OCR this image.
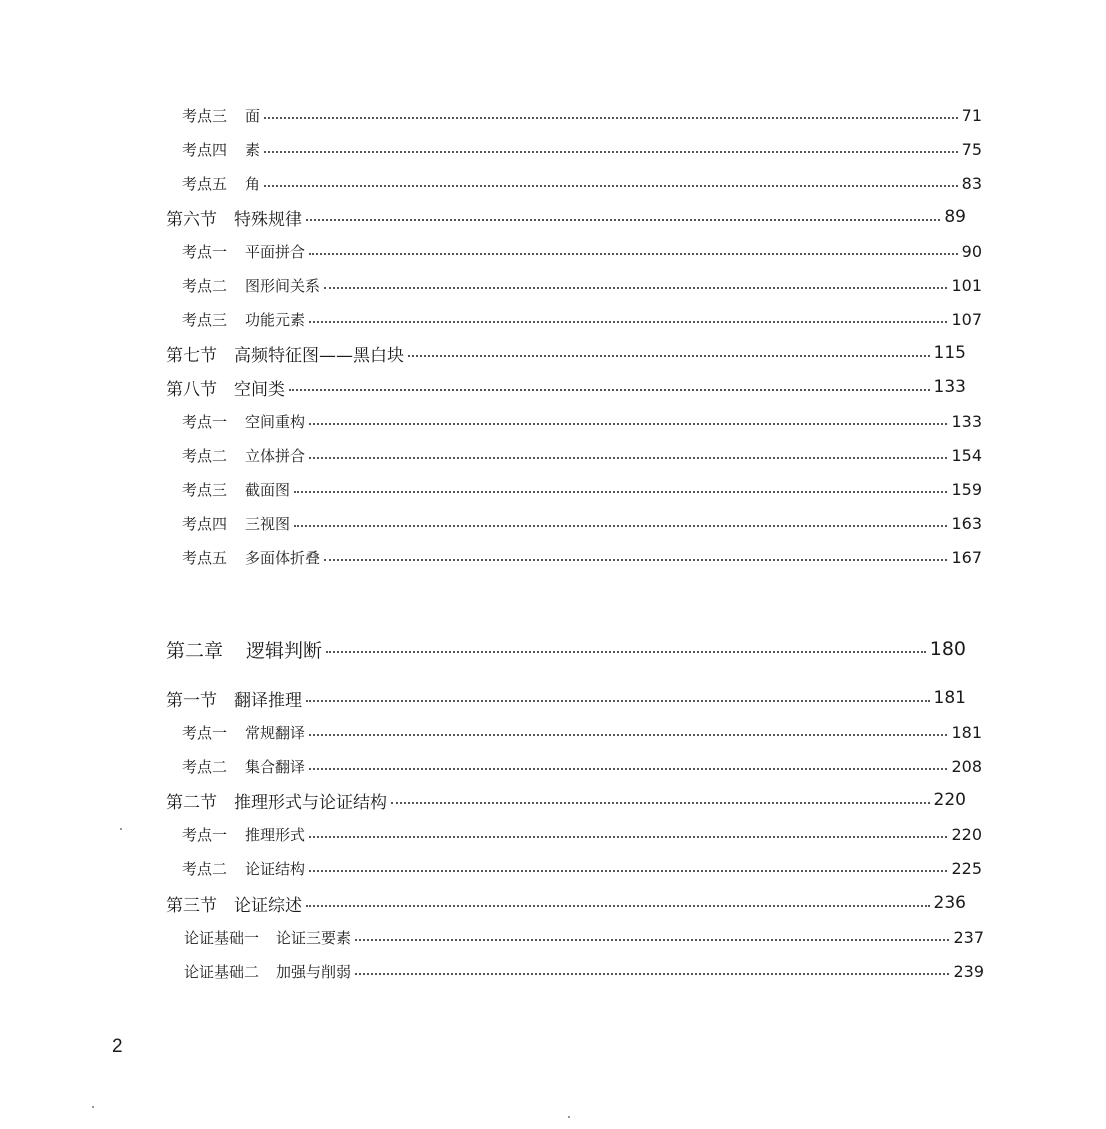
考点三 面	71
考点四 素	75
考点五 角	83
第六节 特殊规律	89
考点一 平面拼合	90
考点二 图形间关系	101
考点三 功能元素	107
第七节 高频特征图——黑白块	115
第八节 空间类	133
考点一 空间重构	133
考点二 立体拼合	154
考点三 截面图	159
考点四 三视图	163
考点五 多面体折叠	167
第二章 逻辑判断	180
第一节 翻译推理	181
考点一 常规翻译	181
考点二 集合翻译	208
第二节 推理形式与论证结构	220
考点一 推理形式	220
考点二 论证结构	225
第三节 论证综述	236
论证基础一 论证三要素	237
论证基础二 加强与削弱	239
2
